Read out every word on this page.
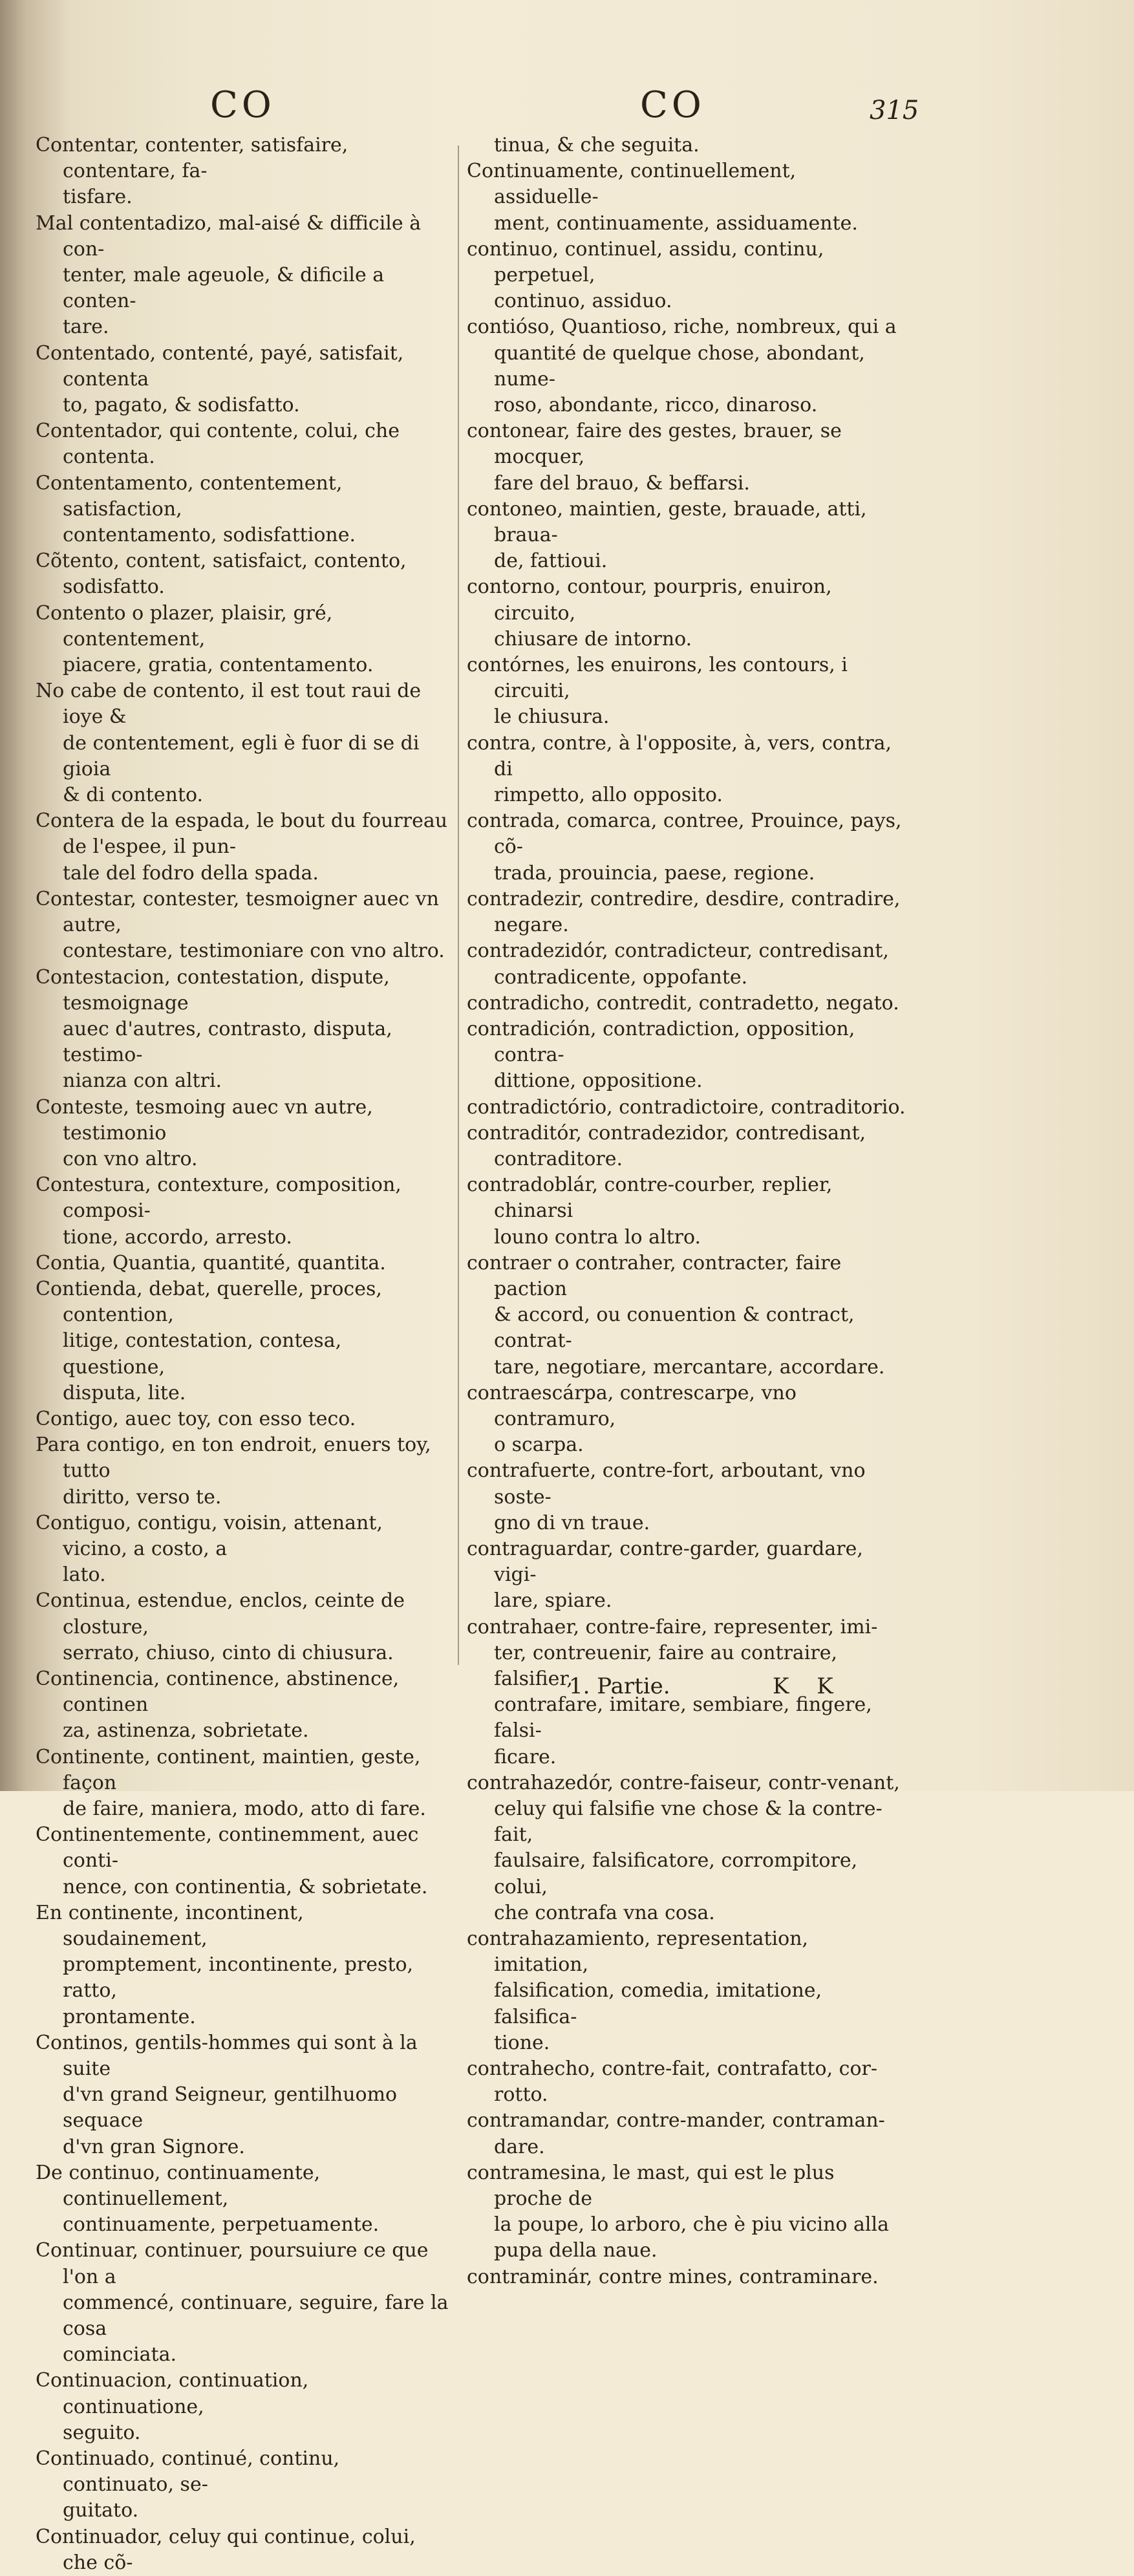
CO	CO	315

Contentar, contenter, satisfaire, contentare, fa-

tisfare.

Mal contentadizo, mal-aisé & difficile à con-

tenter, male ageuole, & dificile a conten-

tare.

Contentado, contenté, payé, satisfait, contenta

to, pagato, & sodisfatto.

Contentador, qui contente, colui, che contenta.

Contentamento, contentement, satisfaction,

contentamento, sodisfattione.

Cõtento, content, satisfaict, contento, sodisfatto.

Contento o plazer, plaisir, gré, contentement,

piacere, gratia, contentamento.

No cabe de contento, il est tout raui de ioye &

de contentement, egli è fuor di se di gioia

& di contento.

Contera de la espada, le bout du fourreau de l'espee, il pun-

tale del fodro della spada.

Contestar, contester, tesmoigner auec vn autre,

contestare, testimoniare con vno altro.

Contestacion, contestation, dispute, tesmoignage

auec d'autres, contrasto, disputa, testimo-

nianza con altri.

Conteste, tesmoing auec vn autre, testimonio

con vno altro.

Contestura, contexture, composition, composi-

tione, accordo, arresto.

Contia, Quantia, quantité, quantita.

Contienda, debat, querelle, proces, contention,

litige, contestation, contesa, questione,

disputa, lite.

Contigo, auec toy, con esso teco.

Para contigo, en ton endroit, enuers toy, tutto

diritto, verso te.

Contiguo, contigu, voisin, attenant, vicino, a costo, a

lato.

Continua, estendue, enclos, ceinte de closture,

serrato, chiuso, cinto di chiusura.

Continencia, continence, abstinence, continen

za, astinenza, sobrietate.

Continente, continent, maintien, geste, façon

de faire, maniera, modo, atto di fare.

Continentemente, continemment, auec conti-

nence, con continentia, & sobrietate.

En continente, incontinent, soudainement,

promptement, incontinente, presto, ratto,

prontamente.

Continos, gentils-hommes qui sont à la suite

d'vn grand Seigneur, gentilhuomo sequace

d'vn gran Signore.

De continuo, continuamente, continuellement,

continuamente, perpetuamente.

Continuar, continuer, poursuiure ce que l'on a

commencé, continuare, seguire, fare la cosa

cominciata.

Continuacion, continuation, continuatione,

seguito.

Continuado, continué, continu, continuato, se-

guitato.

Continuador, celuy qui continue, colui, che cõ-

tinua, & che seguita.

Continuamente, continuellement, assiduelle-

ment, continuamente, assiduamente.

continuo, continuel, assidu, continu, perpetuel,

continuo, assiduo.

contióso, Quantioso, riche, nombreux, qui a

quantité de quelque chose, abondant, nume-

roso, abondante, ricco, dinaroso.

contonear, faire des gestes, brauer, se mocquer,

fare del brauo, & beffarsi.

contoneo, maintien, geste, brauade, atti, braua-

de, fattioui.

contorno, contour, pourpris, enuiron, circuito,

chiusare de intorno.

contórnes, les enuirons, les contours, i circuiti,

le chiusura.

contra, contre, à l'opposite, à, vers, contra, di

rimpetto, allo opposito.

contrada, comarca, contree, Prouince, pays, cõ-

trada, prouincia, paese, regione.

contradezir, contredire, desdire, contradire,

negare.

contradezidór, contradicteur, contredisant,

contradicente, oppofante.

contradicho, contredit, contradetto, negato.

contradición, contradiction, opposition, contra-

dittione, oppositione.

contradictório, contradictoire, contraditorio.

contraditór, contradezidor, contredisant,

contraditore.

contradoblár, contre-courber, replier, chinarsi

louno contra lo altro.

contraer o contraher, contracter, faire paction

& accord, ou conuention & contract, contrat-

tare, negotiare, mercantare, accordare.

contraescárpa, contrescarpe, vno contramuro,

o scarpa.

contrafuerte, contre-fort, arboutant, vno soste-

gno di vn traue.

contraguardar, contre-garder, guardare, vigi-

lare, spiare.

contrahaer, contre-faire, representer, imi-

ter, contreuenir, faire au contraire, falsifier,

contrafare, imitare, sembiare, fingere, falsi-

ficare.

contrahazedór, contre-faiseur, contr-venant,

celuy qui falsifie vne chose & la contre-fait,

faulsaire, falsificatore, corrompitore, colui,

che contrafa vna cosa.

contrahazamiento, representation, imitation,

falsification, comedia, imitatione, falsifica-

tione.

contrahecho, contre-fait, contrafatto, cor-

rotto.

contramandar, contre-mander, contraman-

dare.

contramesina, le mast, qui est le plus proche de

la poupe, lo arboro, che è piu vicino alla

pupa della naue.

contraminár, contre mines, contraminare.

1. Partie.	K K
